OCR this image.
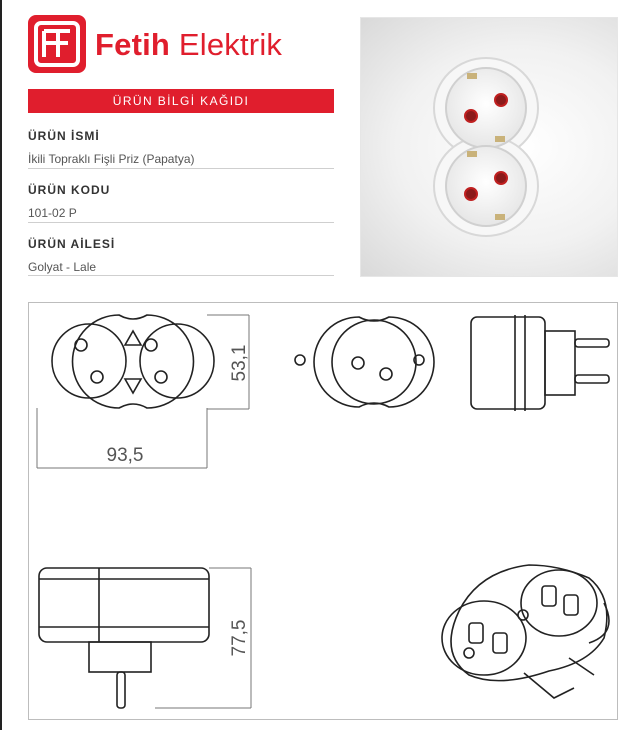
Fetih Elektrik
ÜRÜN BİLGİ KAĞIDI
ÜRÜN İSMİ
İkili Topraklı Fişli Priz (Papatya)
ÜRÜN KODU
101-02 P
ÜRÜN AİLESİ
Golyat - Lale
93,5
53,1
77,5
